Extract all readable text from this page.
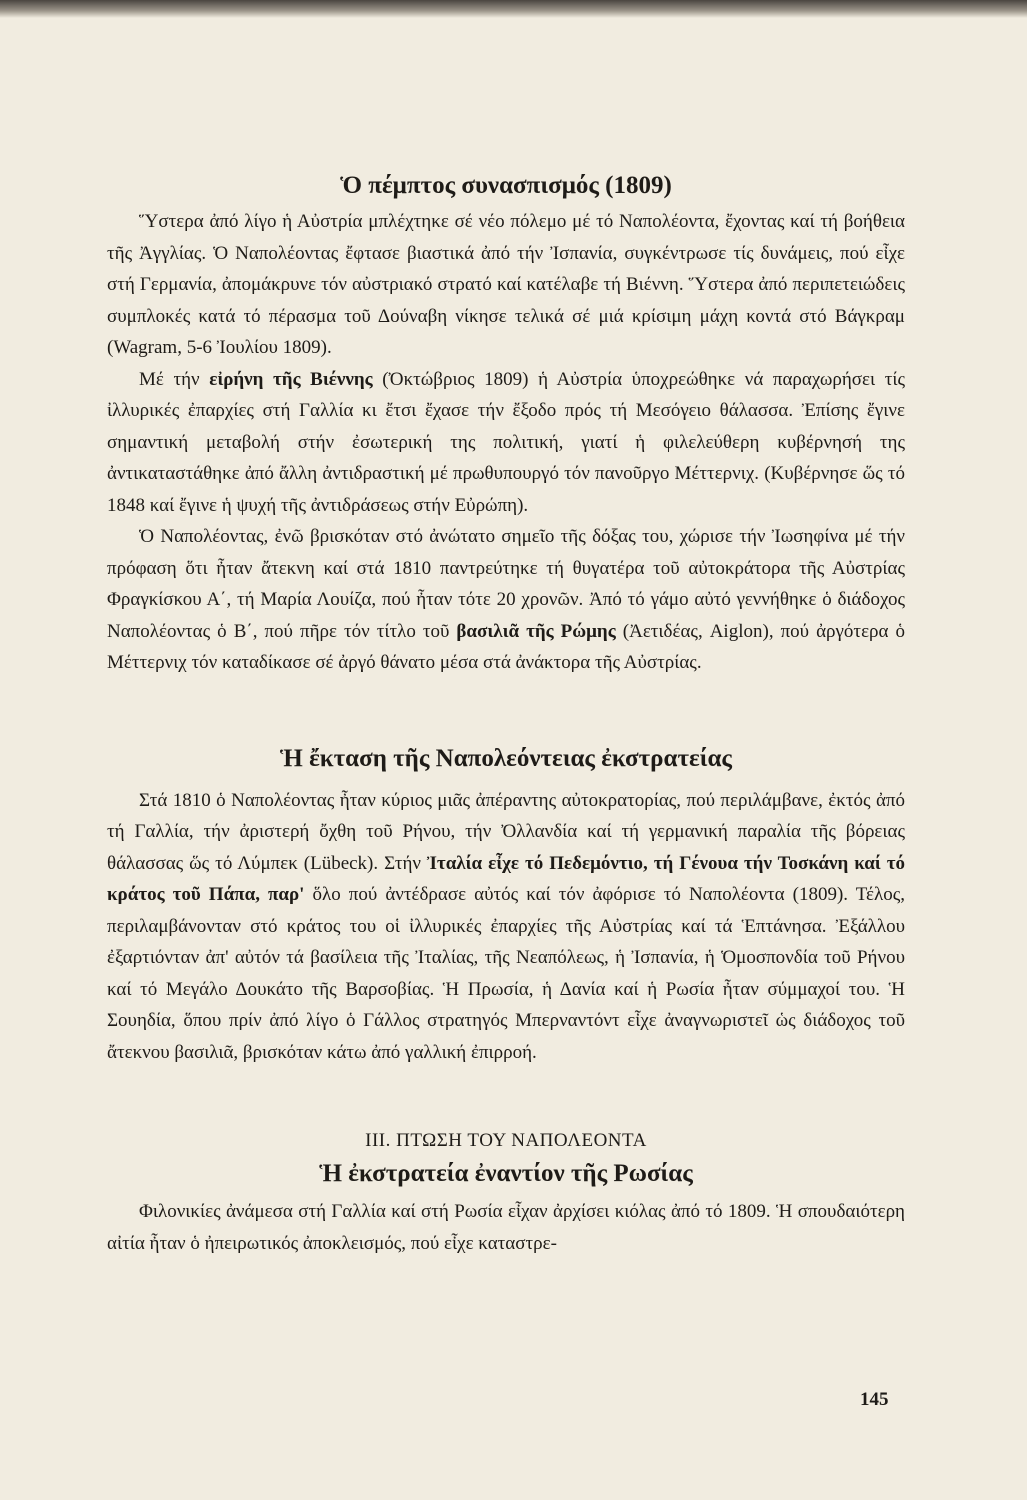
Ὁ πέμπτος συνασπισμός (1809)

Ὕστερα ἀπό λίγο ἡ Αὐστρία μπλέχτηκε σέ νέο πόλεμο μέ τό Ναπολέοντα, ἔχοντας καί τή βοήθεια τῆς Ἀγγλίας. Ὁ Ναπολέοντας ἔφτασε βιαστικά ἀπό τήν Ἰσπανία, συγκέντρωσε τίς δυνάμεις, πού εἶχε στή Γερμανία, ἀπομάκρυνε τόν αὐστριακό στρατό καί κατέλαβε τή Βιέννη. Ὕστερα ἀπό περιπετειώδεις συμπλοκές κατά τό πέρασμα τοῦ Δούναβη νίκησε τελικά σέ μιά κρίσιμη μάχη κοντά στό Βάγκραμ (Wagram, 5-6 Ἰουλίου 1809).

Μέ τήν εἰρήνη τῆς Βιέννης (Ὀκτώβριος 1809) ἡ Αὐστρία ὑποχρεώθηκε νά παραχωρήσει τίς ἰλλυρικές ἐπαρχίες στή Γαλλία κι ἔτσι ἔχασε τήν ἔξοδο πρός τή Μεσόγειο θάλασσα. Ἐπίσης ἔγινε σημαντική μεταβολή στήν ἐσωτερική της πολιτική, γιατί ἡ φιλελεύθερη κυβέρνησή της ἀντικαταστάθηκε ἀπό ἄλλη ἀντιδραστική μέ πρωθυπουργό τόν πανοῦργο Μέττερνιχ. (Κυβέρνησε ὥς τό 1848 καί ἔγινε ἡ ψυχή τῆς ἀντιδράσεως στήν Εὐρώπη).

Ὁ Ναπολέοντας, ἐνῶ βρισκόταν στό ἀνώτατο σημεῖο τῆς δόξας του, χώρισε τήν Ἰωσηφίνα μέ τήν πρόφαση ὅτι ἦταν ἄτεκνη καί στά 1810 παντρεύτηκε τή θυγατέρα τοῦ αὐτοκράτορα τῆς Αὐστρίας Φραγκίσκου Α΄, τή Μαρία Λουίζα, πού ἦταν τότε 20 χρονῶν. Ἀπό τό γάμο αὐτό γεννήθηκε ὁ διάδοχος Ναπολέοντας ὁ Β΄, πού πῆρε τόν τίτλο τοῦ βασιλιᾶ τῆς Ρώμης (Ἀετιδέας, Aiglon), πού ἀργότερα ὁ Μέττερνιχ τόν καταδίκασε σέ ἀργό θάνατο μέσα στά ἀνάκτορα τῆς Αὐστρίας.

Ἡ ἔκταση τῆς Ναπολεόντειας ἐκστρατείας

Στά 1810 ὁ Ναπολέοντας ἦταν κύριος μιᾶς ἀπέραντης αὐτοκρατορίας, πού περιλάμβανε, ἐκτός ἀπό τή Γαλλία, τήν ἀριστερή ὄχθη τοῦ Ρήνου, τήν Ὀλλανδία καί τή γερμανική παραλία τῆς βόρειας θάλασσας ὥς τό Λύμπεκ (Lübeck). Στήν Ἰταλία εἶχε τό Πεδεμόντιο, τή Γένουα τήν Τοσκάνη καί τό κράτος τοῦ Πάπα, παρ' ὅλο πού ἀντέδρασε αὐτός καί τόν ἀφόρισε τό Ναπολέοντα (1809). Τέλος, περιλαμβάνονταν στό κράτος του οἱ ἰλλυρικές ἐπαρχίες τῆς Αὐστρίας καί τά Ἑπτάνησα. Ἐξάλλου ἐξαρτιόνταν ἀπ' αὐτόν τά βασίλεια τῆς Ἰταλίας, τῆς Νεαπόλεως, ἡ Ἰσπανία, ἡ Ὁμοσπονδία τοῦ Ρήνου καί τό Μεγάλο Δουκάτο τῆς Βαρσοβίας. Ἡ Πρωσία, ἡ Δανία καί ἡ Ρωσία ἦταν σύμμαχοί του. Ἡ Σουηδία, ὅπου πρίν ἀπό λίγο ὁ Γάλλος στρατηγός Μπερναντόντ εἶχε ἀναγνωριστεῖ ὡς διάδοχος τοῦ ἄτεκνου βασιλιᾶ, βρισκόταν κάτω ἀπό γαλλική ἐπιρροή.

ΙΙΙ. ΠΤΩΣΗ ΤΟΥ ΝΑΠΟΛΕΟΝΤΑ
Ἡ ἐκστρατεία ἐναντίον τῆς Ρωσίας

Φιλονικίες ἀνάμεσα στή Γαλλία καί στή Ρωσία εἶχαν ἀρχίσει κιόλας ἀπό τό 1809. Ἡ σπουδαιότερη αἰτία ἦταν ὁ ἠπειρωτικός ἀποκλεισμός, πού εἶχε καταστρε-

145
